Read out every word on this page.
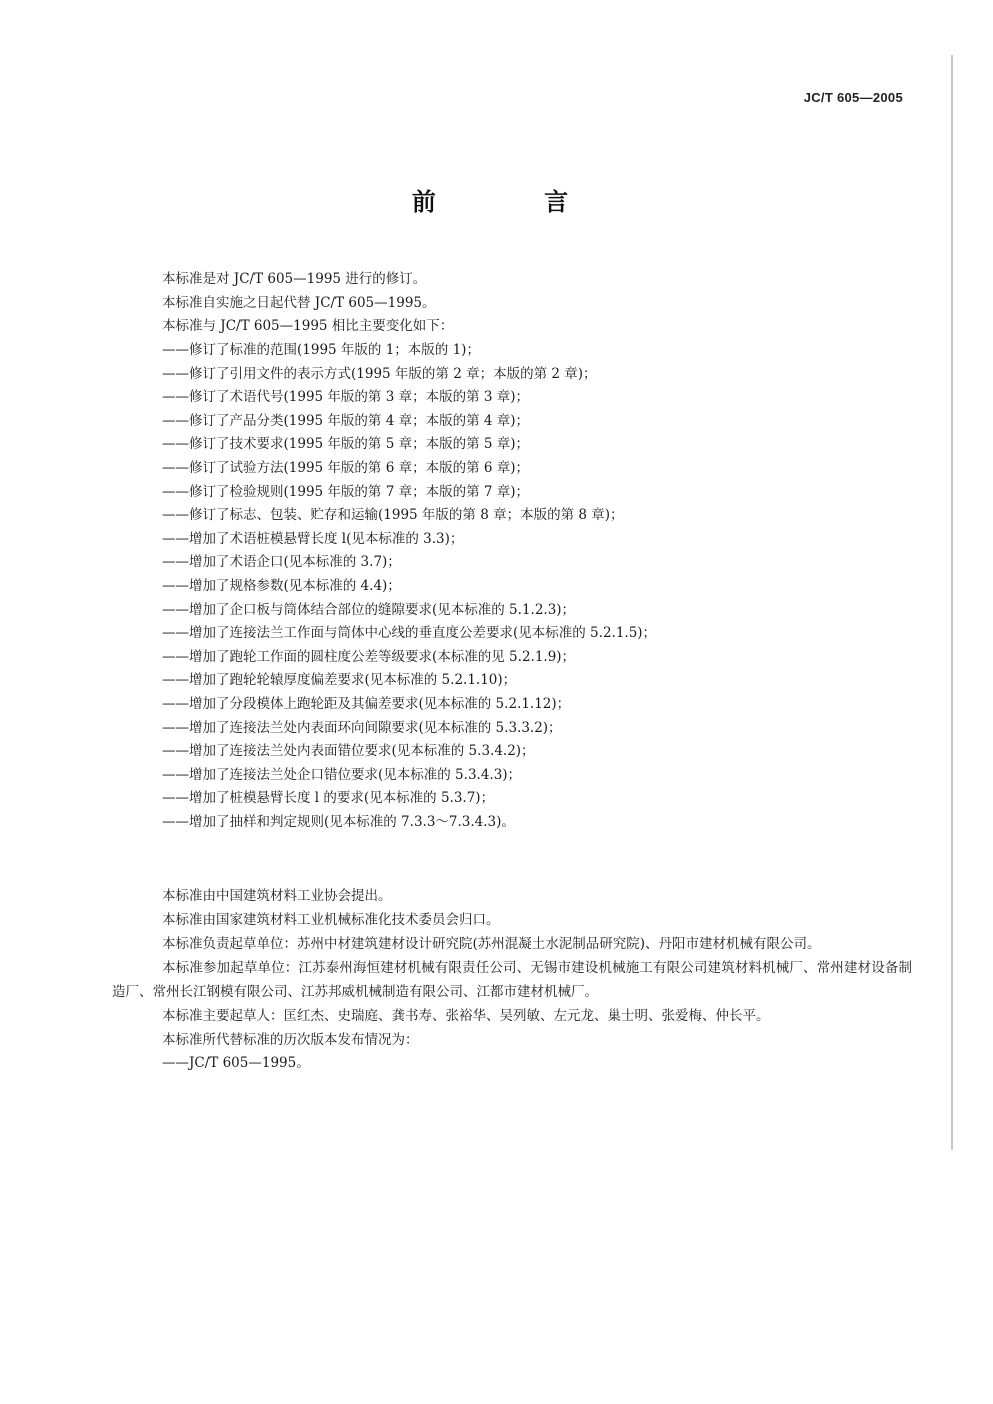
JC/T 605—2005
前 言
本标准是对 JC/T 605—1995 进行的修订。
本标准自实施之日起代替 JC/T 605—1995。
本标准与 JC/T 605—1995 相比主要变化如下：
——修订了标准的范围(1995 年版的 1；本版的 1)；
——修订了引用文件的表示方式(1995 年版的第 2 章；本版的第 2 章)；
——修订了术语代号(1995 年版的第 3 章；本版的第 3 章)；
——修订了产品分类(1995 年版的第 4 章；本版的第 4 章)；
——修订了技术要求(1995 年版的第 5 章；本版的第 5 章)；
——修订了试验方法(1995 年版的第 6 章；本版的第 6 章)；
——修订了检验规则(1995 年版的第 7 章；本版的第 7 章)；
——修订了标志、包装、贮存和运输(1995 年版的第 8 章；本版的第 8 章)；
——增加了术语桩模悬臂长度 l(见本标准的 3.3)；
——增加了术语企口(见本标准的 3.7)；
——增加了规格参数(见本标准的 4.4)；
——增加了企口板与筒体结合部位的缝隙要求(见本标准的 5.1.2.3)；
——增加了连接法兰工作面与筒体中心线的垂直度公差要求(见本标准的 5.2.1.5)；
——增加了跑轮工作面的圆柱度公差等级要求(本标准的见 5.2.1.9)；
——增加了跑轮轮辕厚度偏差要求(见本标准的 5.2.1.10)；
——增加了分段模体上跑轮距及其偏差要求(见本标准的 5.2.1.12)；
——增加了连接法兰处内表面环向间隙要求(见本标准的 5.3.3.2)；
——增加了连接法兰处内表面错位要求(见本标准的 5.3.4.2)；
——增加了连接法兰处企口错位要求(见本标准的 5.3.4.3)；
——增加了桩模悬臂长度 l 的要求(见本标准的 5.3.7)；
——增加了抽样和判定规则(见本标准的 7.3.3～7.3.4.3)。
本标准由中国建筑材料工业协会提出。
本标准由国家建筑材料工业机械标准化技术委员会归口。
本标准负责起草单位：苏州中材建筑建材设计研究院(苏州混凝土水泥制品研究院)、丹阳市建材机械有限公司。
本标准参加起草单位：江苏泰州海恒建材机械有限责任公司、无锡市建设机械施工有限公司建筑材料机械厂、常州建材设备制造厂、常州长江钢模有限公司、江苏邦威机械制造有限公司、江都市建材机械厂。
本标准主要起草人：匡红杰、史瑞庭、龚书寿、张裕华、吴列敏、左元龙、巢士明、张爱梅、仲长平。
本标准所代替标准的历次版本发布情况为：
——JC/T 605—1995。
